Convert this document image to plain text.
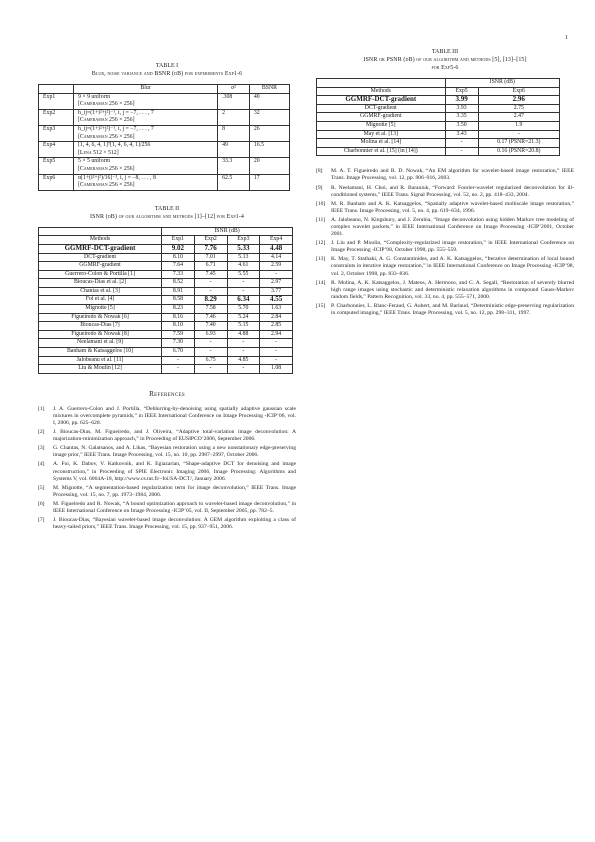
1
TABLE I
Blur, noise variance and BSNR (dB) for experiments Exp1-6
	Blur	σ²	BSNR
Exp1	9 × 9 uniform
[Cameraman 256 × 256]	.308	40
Exp2	h_ij=(1+i²+j²)⁻¹, i, j = −7, . . . , 7
[Cameraman 256 × 256]	2	32
Exp3	h_ij=(1+i²+j²)⁻¹, i, j = −7, . . . , 7
[Cameraman 256 × 256]	8	26
Exp4	[1, 4, 6, 4, 1]ᵀ[1, 4, 6, 4, 1]/256
[Lena 512 × 512]	49	16.5
Exp5	5 × 5 uniform
[Cameraman 256 × 256]	33.3	20
Exp6	α[1+(i²+j²)/16]⁻³, i, j = −8, . . . , 8
[Cameraman 256 × 256]	62.5	17
TABLE II
ISNR (dB) of our algorithm and methods [1]–[12] for Exp1-4
	ISNR (dB)			
Methods	Exp1	Exp2	Exp3	Exp4
GGMRF-DCT-gradient	9.02	7.76	5.33	4.48
DCT-gradient	8.10	7.01	5.13	4.14
GGMRF-gradient	7.64	6.71	4.61	2.59
Guerrero-Colon & Portilla [1]	7.33	7.45	5.55	-
Bioucas-Dias et al. [2]	8.52	-	-	2.97
Chantas et al. [3]	8.91	-	-	3.77
Foi et al. [4]	8.58	8.29	6.34	4.55
Mignotte [5]	8.23	7.58	5.70	1.63
Figueiredo & Nowak [6]	8.16	7.46	5.24	2.84
Bioucas-Dias [7]	8.10	7.40	5.15	2.85
Figueiredo & Nowak [8]	7.59	6.93	4.88	2.94
Neelamani et al. [9]	7.30	-	-	-
Banham & Katsaggelos [10]	6.70	-	-	-
Jalobeanu et al. [11]	-	6.75	4.85	-
Liu & Moulin [12]	-	-	-	1.08
References
[1]	J. A. Guerrero-Colon and J. Portilla, “Deblurring-by-denoising using spatially adaptive gaussian scale mixtures in overcomplete pyramids,” in IEEE International Conference on Image Processing -ICIP’06, vol. I, 2006, pp. 625–628.
[2]	J. Bioucas-Dias, M. Figueiredo, and J. Oliveira, “Adaptive total-variation image deconvolution: A majorization-minimization approach,” in Proceeding of EUSIPCO’2006, September 2006.
[3]	G. Chantas, N. Galatsanos, and A. Likas, “Bayesian restoration using a new nonstationary edge-preserving image prior,” IEEE Trans. Image Processing, vol. 15, no. 10, pp. 2987–2997, October 2006.
[4]	A. Foi, K. Dabov, V. Katkovnik, and K. Egiazarian, “Shape-adaptive DCT for denoising and image reconstruction,” in Proceeding of SPIE Electronic Imaging 2006, Image Processing: Algorithms and Systems V, vol. 6064A-18, http://www.cs.tut.fi/~foi/SA-DCT/, January 2006.
[5]	M. Mignotte, “A segmentation-based regularization term for image deconvolution,” IEEE Trans. Image Processing, vol. 15, no. 7, pp. 1973–1984, 2006.
[6]	M. Figueiredo and R. Nowak, “A bound optimization approach to wavelet-based image deconvolution,” in IEEE International Conference on Image Processing -ICIP’05, vol. II, September 2005, pp. 782–5.
[7]	J. Bioucas-Dias, “Bayesian wavelet-based image deconvolution: A GEM algorithm exploiting a class of heavy-tailed priors,” IEEE Trans. Image Processing, vol. 15, pp. 937–951, 2006.
TABLE III
ISNR or PSNR (dB) of our algorithm and methods [5], [13]–[15]
for Exp5-6
	ISNR (dB)	
Methods	Exp5	Exp6
GGMRF-DCT-gradient	3.99	2.96
DCT-gradient	3.93	2.75
GGMRF-gradient	3.35	2.47
Mignotte [5]	3.50	1.9
May et al. [13]	3.43	-
Molina et al. [14]	-	0.17 (PSNR=21.3)
Charbonnier et al. [15] (in [14])	-	0.16 (PSNR=20.8)
[8]	M. A. T. Figueiredo and R. D. Nowak, “An EM algorithm for wavelet-based image restoration,” IEEE Trans. Image Processing, vol. 12, pp. 906–916, 2003.
[9]	R. Neelamani, H. Choi, and R. Baraniuk, “Forward: Fourier-wavelet regularized deconvolution for ill-conditioned systems,” IEEE Trans. Signal Processing, vol. 52, no. 2, pp. 418–433, 2004.
[10]	M. R. Banham and A. K. Katsaggelos, “Spatially adaptive wavelet-based multiscale image restoration,” IEEE Trans. Image Processing, vol. 5, no. 4, pp. 619–634, 1996.
[11]	A. Jalobeanu, N. Kingsbury, and J. Zerubia, “Image deconvolution using hidden Markov tree modeling of complex wavelet packets,” in IEEE International Conference on Image Processing -ICIP’2001, October 2001.
[12]	J. Liu and P. Moulin, “Complexity-regularized image restoration,” in IEEE International Conference on Image Processing -ICIP’98, October 1998, pp. 555–559.
[13]	K. May, T. Stathaki, A. G. Constantinides, and A. K. Katsaggelos, “Iterative determination of local bound constraints in iterative image restoration,” in IEEE International Conference on Image Processing -ICIP’98, vol. 2, October 1998, pp. 833–836.
[14]	R. Molina, A. K. Katsaggelos, J. Mateos, A. Hermoso, and C. A. Segall, “Restoration of severely blurred high range images using stochastic and deterministic relaxation algorithms in compound Gauss-Markov random fields,” Pattern Recognition, vol. 33, no. 4, pp. 555–571, 2000.
[15]	P. Charbonnier, L. Blanc-Feraud, G. Aubert, and M. Barlaud, “Deterministic edge-preserving regularization in computed imaging,” IEEE Trans. Image Processing, vol. 5, no. 12, pp. 298–311, 1997.
